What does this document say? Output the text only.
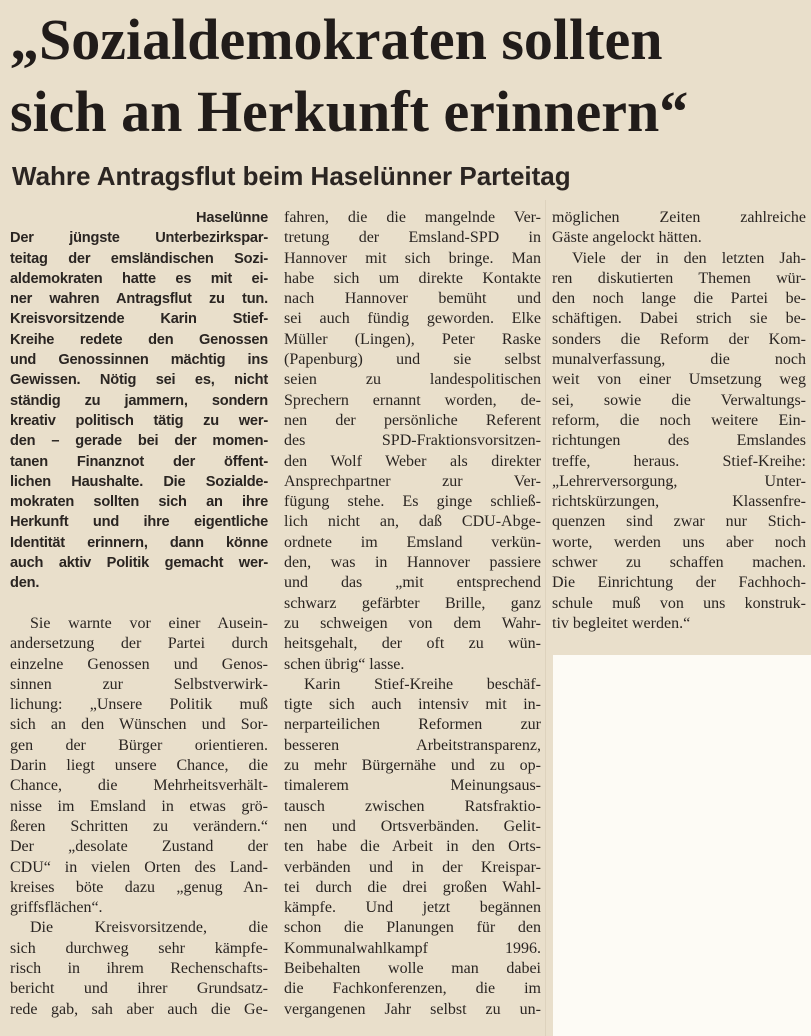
„Sozialdemokraten sollten
sich an Herkunft erinnern“
Wahre Antragsflut beim Haselünner Parteitag
Haselünne
Der jüngste Unterbezirkspar-
teitag der emsländischen Sozi-
aldemokraten hatte es mit ei-
ner wahren Antragsflut zu tun.
Kreisvorsitzende Karin Stief-
Kreihe redete den Genossen
und Genossinnen mächtig ins
Gewissen. Nötig sei es, nicht
ständig zu jammern, sondern
kreativ politisch tätig zu wer-
den – gerade bei der momen-
tanen Finanznot der öffent-
lichen Haushalte. Die Sozialde-
mokraten sollten sich an ihre
Herkunft und ihre eigentliche
Identität erinnern, dann könne
auch aktiv Politik gemacht wer-
den.
Sie warnte vor einer Ausein-
andersetzung der Partei durch
einzelne Genossen und Genos-
sinnen zur Selbstverwirk-
lichung: „Unsere Politik muß
sich an den Wünschen und Sor-
gen der Bürger orientieren.
Darin liegt unsere Chance, die
Chance, die Mehrheitsverhält-
nisse im Emsland in etwas grö-
ßeren Schritten zu verändern.“
Der „desolate Zustand der
CDU“ in vielen Orten des Land-
kreises böte dazu „genug An-
griffsflächen“.
Die Kreisvorsitzende, die
sich durchweg sehr kämpfe-
risch in ihrem Rechenschafts-
bericht und ihrer Grundsatz-
rede gab, sah aber auch die Ge-
fahren, die die mangelnde Ver-
tretung der Emsland-SPD in
Hannover mit sich bringe. Man
habe sich um direkte Kontakte
nach Hannover bemüht und
sei auch fündig geworden. Elke
Müller (Lingen), Peter Raske
(Papenburg) und sie selbst
seien zu landespolitischen
Sprechern ernannt worden, de-
nen der persönliche Referent
des SPD-Fraktionsvorsitzen-
den Wolf Weber als direkter
Ansprechpartner zur Ver-
fügung stehe. Es ginge schließ-
lich nicht an, daß CDU-Abge-
ordnete im Emsland verkün-
den, was in Hannover passiere
und das „mit entsprechend
schwarz gefärbter Brille, ganz
zu schweigen von dem Wahr-
heitsgehalt, der oft zu wün-
schen übrig“ lasse.
Karin Stief-Kreihe beschäf-
tigte sich auch intensiv mit in-
nerparteilichen Reformen zur
besseren Arbeitstransparenz,
zu mehr Bürgernähe und zu op-
timalerem Meinungsaus-
tausch zwischen Ratsfraktio-
nen und Ortsverbänden. Gelit-
ten habe die Arbeit in den Orts-
verbänden und in der Kreispar-
tei durch die drei großen Wahl-
kämpfe. Und jetzt begännen
schon die Planungen für den
Kommunalwahlkampf 1996.
Beibehalten wolle man dabei
die Fachkonferenzen, die im
vergangenen Jahr selbst zu un-
möglichen Zeiten zahlreiche
Gäste angelockt hätten.
Viele der in den letzten Jah-
ren diskutierten Themen wür-
den noch lange die Partei be-
schäftigen. Dabei strich sie be-
sonders die Reform der Kom-
munalverfassung, die noch
weit von einer Umsetzung weg
sei, sowie die Verwaltungs-
reform, die noch weitere Ein-
richtungen des Emslandes
treffe, heraus. Stief-Kreihe:
„Lehrerversorgung, Unter-
richtskürzungen, Klassenfre-
quenzen sind zwar nur Stich-
worte, werden uns aber noch
schwer zu schaffen machen.
Die Einrichtung der Fachhoch-
schule muß von uns konstruk-
tiv begleitet werden.“
